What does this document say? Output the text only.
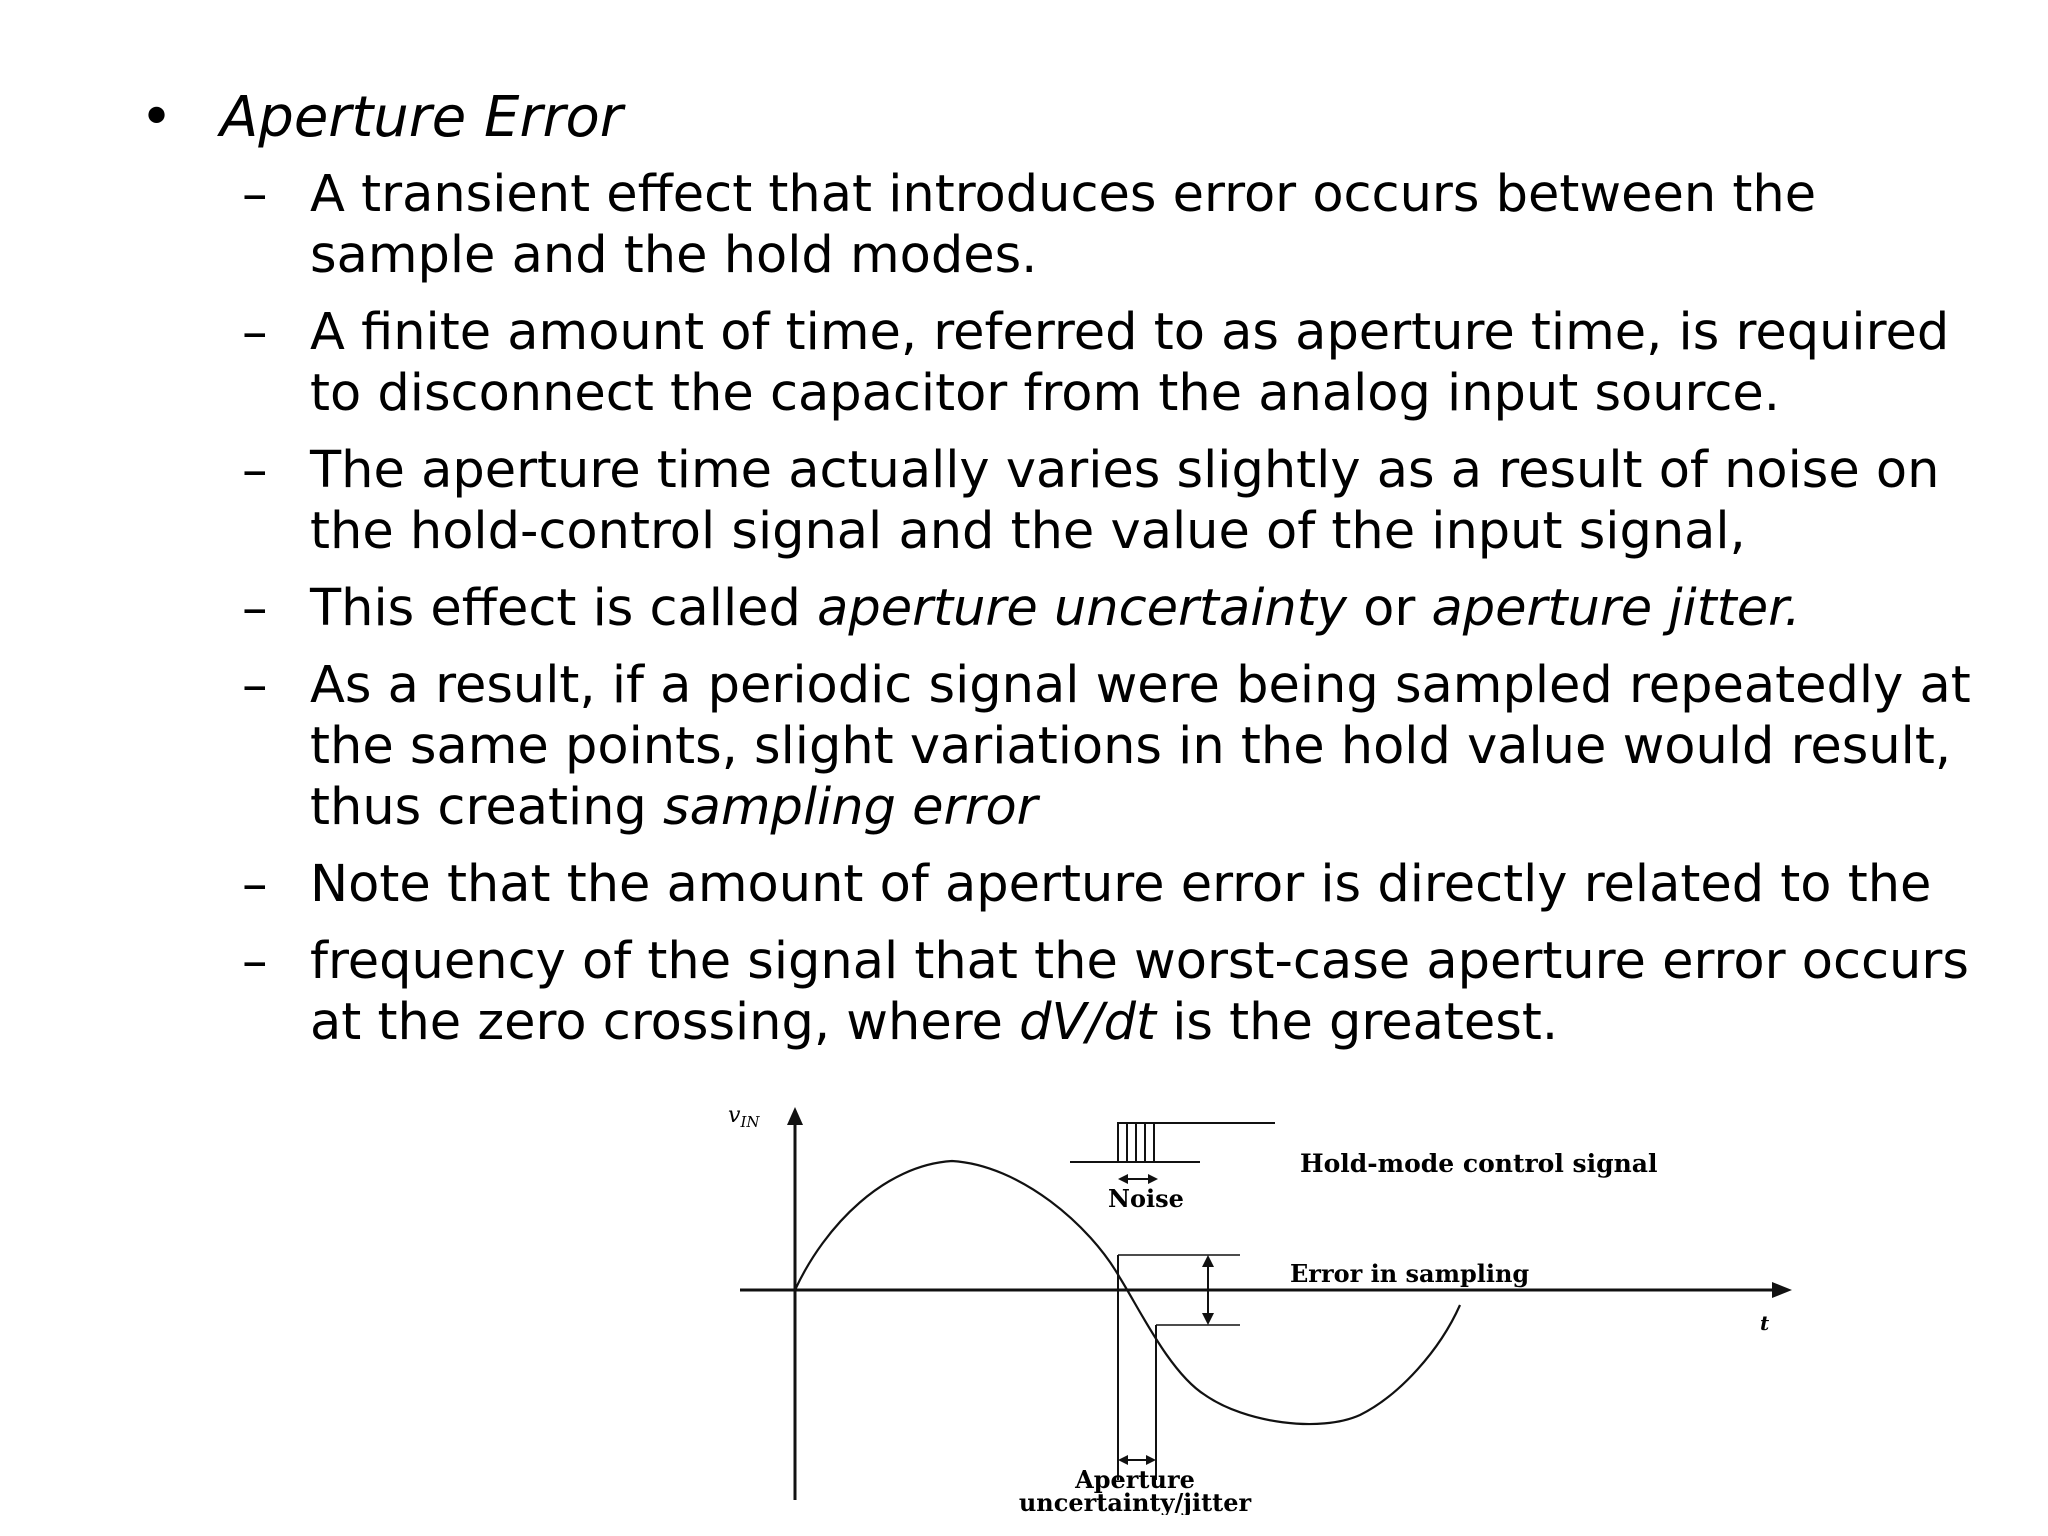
• Aperture Error
– A transient effect that introduces error occurs between the
sample and the hold modes.
– A finite amount of time, referred to as aperture time, is required
to disconnect the capacitor from the analog input source.
– The aperture time actually varies slightly as a result of noise on
the hold-control signal and the value of the input signal,
– This effect is called aperture uncertainty or aperture jitter.
– As a result, if a periodic signal were being sampled repeatedly at
the same points, slight variations in the hold value would result,
thus creating sampling error
– Note that the amount of aperture error is directly related to the
– frequency of the signal that the worst-case aperture error occurs
at the zero crossing, where dV/dt is the greatest.
$v_{IN}$
t
Hold-mode control signal
Noise
Error in sampling
Aperture
uncertainty/jitter
